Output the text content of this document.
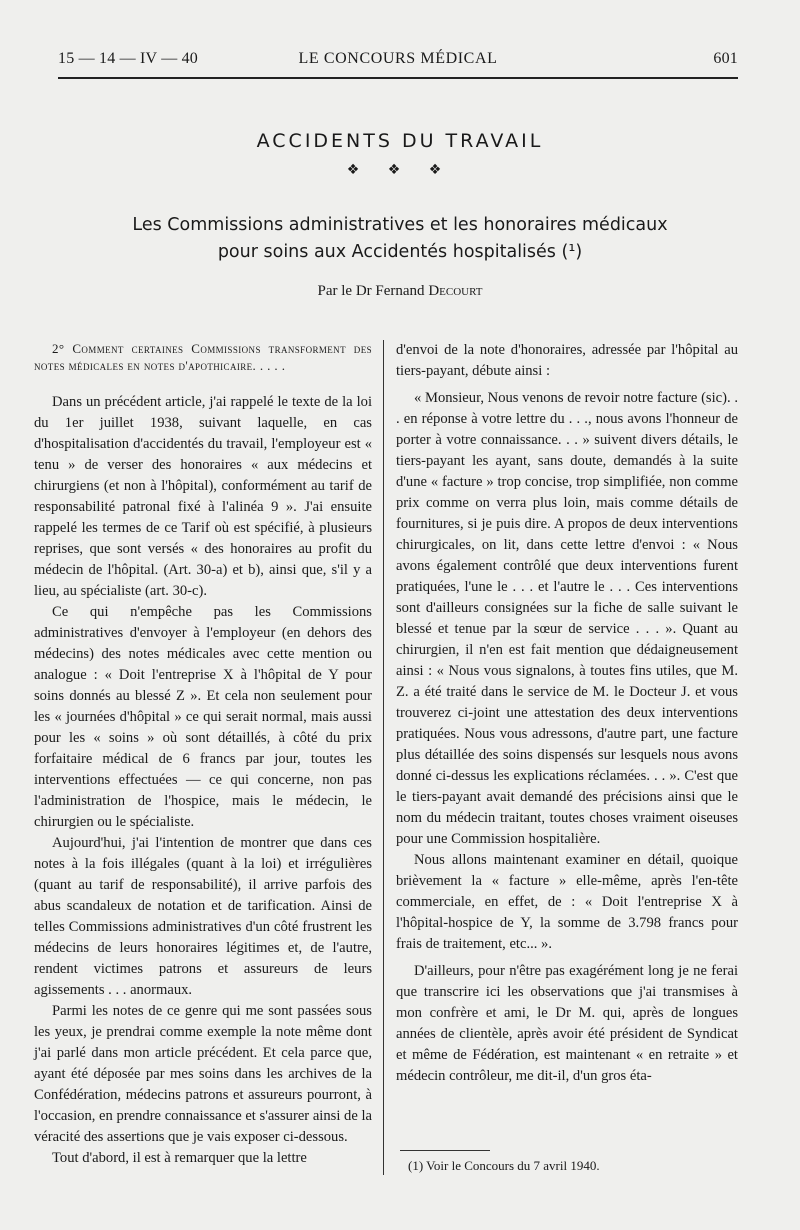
15 — 14 — IV — 40	LE CONCOURS MÉDICAL	601
ACCIDENTS DU TRAVAIL
❖ ❖ ❖
Les Commissions administratives et les honoraires médicaux
pour soins aux Accidentés hospitalisés (¹)
Par le Dr Fernand Decourt

2° Comment certaines Commissions transforment des notes médicales en notes d'apothicaire. . . . .

Dans un précédent article, j'ai rappelé le texte de la loi du 1er juillet 1938, suivant laquelle, en cas d'hospitalisation d'accidentés du travail, l'employeur est « tenu » de verser des honoraires « aux médecins et chirurgiens (et non à l'hôpital), conformément au tarif de responsabilité patronal fixé à l'alinéa 9 ». J'ai ensuite rappelé les termes de ce Tarif où est spécifié, à plusieurs reprises, que sont versés « des honoraires au profit du médecin de l'hôpital. (Art. 30-a) et b), ainsi que, s'il y a lieu, au spécialiste (art. 30-c).

Ce qui n'empêche pas les Commissions administratives d'envoyer à l'employeur (en dehors des médecins) des notes médicales avec cette mention ou analogue : « Doit l'entreprise X à l'hôpital de Y pour soins donnés au blessé Z ». Et cela non seulement pour les « journées d'hôpital » ce qui serait normal, mais aussi pour les « soins » où sont détaillés, à côté du prix forfaitaire médical de 6 francs par jour, toutes les interventions effectuées — ce qui concerne, non pas l'administration de l'hospice, mais le médecin, le chirurgien ou le spécialiste.

Aujourd'hui, j'ai l'intention de montrer que dans ces notes à la fois illégales (quant à la loi) et irrégulières (quant au tarif de responsabilité), il arrive parfois des abus scandaleux de notation et de tarification. Ainsi de telles Commissions administratives d'un côté frustrent les médecins de leurs honoraires légitimes et, de l'autre, rendent victimes patrons et assureurs de leurs agissements . . . anormaux.

Parmi les notes de ce genre qui me sont passées sous les yeux, je prendrai comme exemple la note même dont j'ai parlé dans mon article précédent. Et cela parce que, ayant été déposée par mes soins dans les archives de la Confédération, médecins patrons et assureurs pourront, à l'occasion, en prendre connaissance et s'assurer ainsi de la véracité des assertions que je vais exposer ci-dessous.

Tout d'abord, il est à remarquer que la lettre

d'envoi de la note d'honoraires, adressée par l'hôpital au tiers-payant, débute ainsi :

« Monsieur, Nous venons de revoir notre facture (sic). . . en réponse à votre lettre du . . ., nous avons l'honneur de porter à votre connaissance. . . » suivent divers détails, le tiers-payant les ayant, sans doute, demandés à la suite d'une « facture » trop concise, trop simplifiée, non comme prix comme on verra plus loin, mais comme détails de fournitures, si je puis dire. A propos de deux interventions chirurgicales, on lit, dans cette lettre d'envoi : « Nous avons également contrôlé que deux interventions furent pratiquées, l'une le . . . et l'autre le . . . Ces interventions sont d'ailleurs consignées sur la fiche de salle suivant le blessé et tenue par la sœur de service . . . ». Quant au chirurgien, il n'en est fait mention que dédaigneusement ainsi : « Nous vous signalons, à toutes fins utiles, que M. Z. a été traité dans le service de M. le Docteur J. et vous trouverez ci-joint une attestation des deux interventions pratiquées. Nous vous adressons, d'autre part, une facture plus détaillée des soins dispensés sur lesquels nous avons donné ci-dessus les explications réclamées. . . ». C'est que le tiers-payant avait demandé des précisions ainsi que le nom du médecin traitant, toutes choses vraiment oiseuses pour une Commission hospitalière.

Nous allons maintenant examiner en détail, quoique brièvement la « facture » elle-même, après l'en-tête commerciale, en effet, de : « Doit l'entreprise X à l'hôpital-hospice de Y, la somme de 3.798 francs pour frais de traitement, etc... ».

D'ailleurs, pour n'être pas exagérément long je ne ferai que transcrire ici les observations que j'ai transmises à mon confrère et ami, le Dr M. qui, après de longues années de clientèle, après avoir été président de Syndicat et même de Fédération, est maintenant « en retraite » et médecin contrôleur, me dit-il, d'un gros éta-

(1) Voir le Concours du 7 avril 1940.
